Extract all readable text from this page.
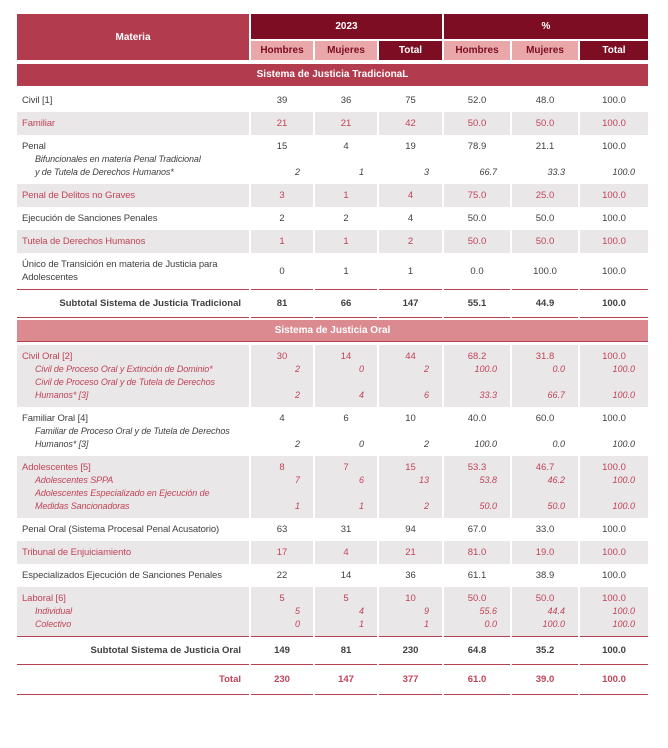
Materia	2023			%		
	Hombres	Mujeres	Total	Hombres	Mujeres	Total
Sistema de Justicia TradicionaL						
Civil [1]	39	36	75	52.0	48.0	100.0
Familiar	21	21	42	50.0	50.0	100.0
Penal	15	4	19	78.9	21.1	100.0
Bifuncionales en materia Penal Tradicional						
y de Tutela de Derechos Humanos*	2	1	3	66.7	33.3	100.0
Penal de Delitos no Graves	3	1	4	75.0	25.0	100.0
Ejecución de Sanciones Penales	2	2	4	50.0	50.0	100.0
Tutela de Derechos Humanos	1	1	2	50.0	50.0	100.0
Único de Transición en materia de Justicia para Adolescentes	0	1	1	0.0	100.0	100.0
Subtotal Sistema de Justicia Tradicional	81	66	147	55.1	44.9	100.0
Sistema de Justicia Oral						
Civil Oral [2]	30	14	44	68.2	31.8	100.0
Civil de Proceso Oral y Extinción de Dominio*	2	0	2	100.0	0.0	100.0
Civil de Proceso Oral y de Tutela de Derechos						
Humanos* [3]	2	4	6	33.3	66.7	100.0
Familiar Oral [4]	4	6	10	40.0	60.0	100.0
Familiar de Proceso Oral y de Tutela de Derechos						
Humanos* [3]	2	0	2	100.0	0.0	100.0
Adolescentes [5]	8	7	15	53.3	46.7	100.0
Adolescentes SPPA	7	6	13	53.8	46.2	100.0
Adolescentes Especializado en Ejecución de						
Medidas Sancionadoras	1	1	2	50.0	50.0	100.0
Penal Oral (Sistema Procesal Penal Acusatorio)	63	31	94	67.0	33.0	100.0
Tribunal de Enjuiciamiento	17	4	21	81.0	19.0	100.0
Especializados Ejecución de Sanciones Penales	22	14	36	61.1	38.9	100.0
Laboral [6]	5	5	10	50.0	50.0	100.0
Individual	5	4	9	55.6	44.4	100.0
Colectivo	0	1	1	0.0	100.0	100.0
Subtotal Sistema de Justicia Oral	149	81	230	64.8	35.2	100.0
Total	230	147	377	61.0	39.0	100.0
